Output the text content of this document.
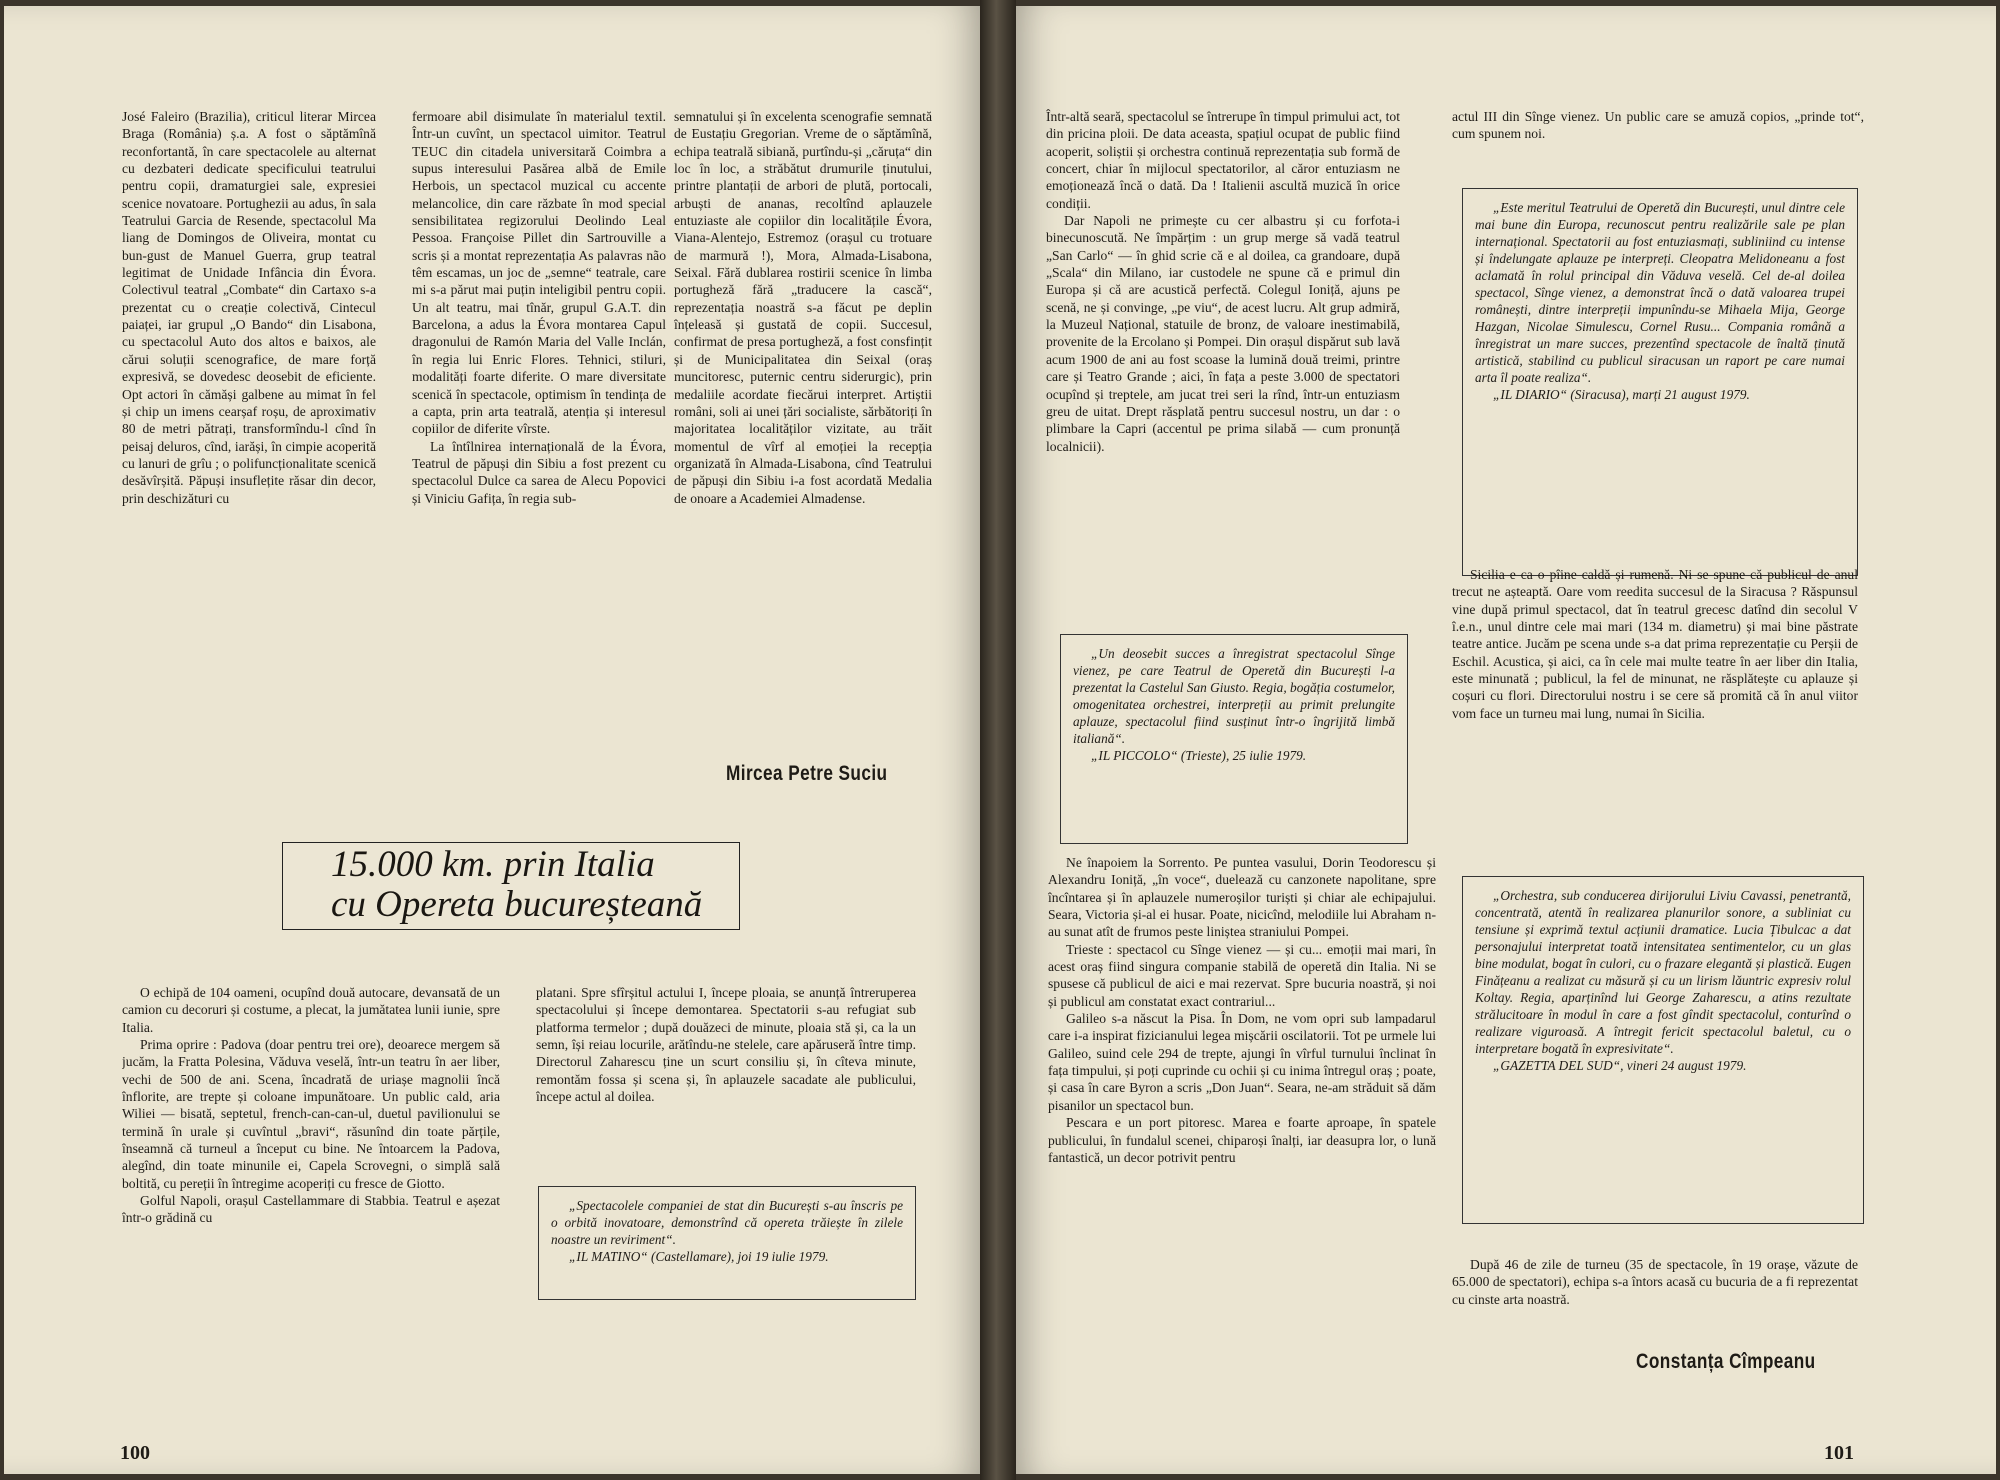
José Faleiro (Brazilia), criticul literar Mircea Braga (România) ș.a. A fost o săptămînă reconfortantă, în care spectacolele au alternat cu dezbateri dedicate specificului teatrului pentru copii, dramaturgiei sale, expresiei scenice novatoare. Portughezii au adus, în sala Teatrului Garcia de Resende, spectacolul Ma liang de Domingos de Oliveira, montat cu bun-gust de Manuel Guerra, grup teatral legitimat de Unidade Infância din Évora. Colectivul teatral „Combate“ din Cartaxo s-a prezentat cu o creație colectivă, Cintecul paiaței, iar grupul „O Bando“ din Lisabona, cu spectacolul Auto dos altos e baixos, ale cărui soluții scenografice, de mare forță expresivă, se dovedesc deosebit de eficiente. Opt actori în cămăși galbene au mimat în fel și chip un imens cearșaf roșu, de aproximativ 80 de metri pătrați, transformîndu-l cînd în peisaj deluros, cînd, iarăși, în cimpie acoperită cu lanuri de grîu ; o polifuncționalitate scenică desăvîrșită. Păpuși insuflețite răsar din decor, prin deschizături cu

fermoare abil disimulate în materialul textil. Într-un cuvînt, un spectacol uimitor. Teatrul TEUC din citadela universitară Coimbra a supus interesului Pasărea albă de Emile Herbois, un spectacol muzical cu accente melancolice, din care răzbate în mod special sensibilitatea regizorului Deolindo Leal Pessoa. Françoise Pillet din Sartrouville a scris și a montat reprezentația As palavras não têm escamas, un joc de „semne“ teatrale, care mi s-a părut mai puțin inteligibil pentru copii. Un alt teatru, mai tînăr, grupul G.A.T. din Barcelona, a adus la Évora montarea Capul dragonului de Ramón Maria del Valle Inclán, în regia lui Enric Flores. Tehnici, stiluri, modalități foarte diferite. O mare diversitate scenică în spectacole, optimism în tendința de a capta, prin arta teatrală, atenția și interesul copiilor de diferite vîrste.

La întîlnirea internațională de la Évora, Teatrul de păpuși din Sibiu a fost prezent cu spectacolul Dulce ca sarea de Alecu Popovici și Viniciu Gafița, în regia sub-

semnatului și în excelenta scenografie semnată de Eustațiu Gregorian. Vreme de o săptămînă, echipa teatrală sibiană, purtîndu-și „căruța“ din loc în loc, a străbătut drumurile ținutului, printre plantații de arbori de plută, portocali, arbuști de ananas, recoltînd aplauzele entuziaste ale copiilor din localitățile Évora, Viana-Alentejo, Estremoz (orașul cu trotuare de marmură !), Mora, Almada-Lisabona, Seixal. Fără dublarea rostirii scenice în limba portugheză fără „traducere la cască“, reprezentația noastră s-a făcut pe deplin înțeleasă și gustată de copii. Succesul, confirmat de presa portugheză, a fost consfințit și de Municipalitatea din Seixal (oraș muncitoresc, puternic centru siderurgic), prin medaliile acordate fiecărui interpret. Artiștii români, soli ai unei țări socialiste, sărbătoriți în majoritatea localităților vizitate, au trăit momentul de vîrf al emoției la recepția organizată în Almada-Lisabona, cînd Teatrului de păpuși din Sibiu i-a fost acordată Medalia de onoare a Academiei Almadense.

Mircea Petre Suciu
15.000 km. prin Italia
cu Opereta bucureșteană

O echipă de 104 oameni, ocupînd două autocare, devansată de un camion cu decoruri și costume, a plecat, la jumătatea lunii iunie, spre Italia.

Prima oprire : Padova (doar pentru trei ore), deoarece mergem să jucăm, la Fratta Polesina, Văduva veselă, într-un teatru în aer liber, vechi de 500 de ani. Scena, încadrată de uriașe magnolii încă înflorite, are trepte și coloane impunătoare. Un public cald, aria Wiliei — bisată, septetul, french-can-can-ul, duetul pavilionului se termină în urale și cuvîntul „bravi“, răsunînd din toate părțile, înseamnă că turneul a început cu bine. Ne întoarcem la Padova, alegînd, din toate minunile ei, Capela Scrovegni, o simplă sală boltită, cu pereții în întregime acoperiți cu fresce de Giotto.

Golful Napoli, orașul Castellammare di Stabbia. Teatrul e așezat într-o grădină cu

platani. Spre sfîrșitul actului I, începe ploaia, se anunță întreruperea spectacolului și începe demontarea. Spectatorii s-au refugiat sub platforma termelor ; după douăzeci de minute, ploaia stă și, ca la un semn, își reiau locurile, arătîndu-ne stelele, care apăruseră între timp. Directorul Zaharescu ține un scurt consiliu și, în cîteva minute, remontăm fossa și scena și, în aplauzele sacadate ale publicului, începe actul al doilea.

„Spectacolele companiei de stat din București s-au înscris pe o orbită inovatoare, demonstrînd că opereta trăiește în zilele noastre un reviriment“.

„IL MATINO“ (Castellamare), joi 19 iulie 1979.

100

Într-altă seară, spectacolul se întrerupe în timpul primului act, tot din pricina ploii. De data aceasta, spațiul ocupat de public fiind acoperit, soliștii și orchestra continuă reprezentația sub formă de concert, chiar în mijlocul spectatorilor, al căror entuziasm ne emoționează încă o dată. Da ! Italienii ascultă muzică în orice condiții.

Dar Napoli ne primește cu cer albastru și cu forfota-i binecunoscută. Ne împărțim : un grup merge să vadă teatrul „San Carlo“ — în ghid scrie că e al doilea, ca grandoare, după „Scala“ din Milano, iar custodele ne spune că e primul din Europa și că are acustică perfectă. Colegul Ioniță, ajuns pe scenă, ne și convinge, „pe viu“, de acest lucru. Alt grup admiră, la Muzeul Național, statuile de bronz, de valoare inestimabilă, provenite de la Ercolano și Pompei. Din orașul dispărut sub lavă acum 1900 de ani au fost scoase la lumină două treimi, printre care și Teatro Grande ; aici, în fața a peste 3.000 de spectatori ocupînd și treptele, am jucat trei seri la rînd, într-un entuziasm greu de uitat. Drept răsplată pentru succesul nostru, un dar : o plimbare la Capri (accentul pe prima silabă — cum pronunță localnicii).

„Un deosebit succes a înregistrat spectacolul Sînge vienez, pe care Teatrul de Operetă din București l-a prezentat la Castelul San Giusto. Regia, bogăția costumelor, omogenitatea orchestrei, interpreții au primit prelungite aplauze, spectacolul fiind susținut într-o îngrijită limbă italiană“.

„IL PICCOLO“ (Trieste), 25 iulie 1979.

actul III din Sînge vienez. Un public care se amuză copios, „prinde tot“, cum spunem noi.

„Este meritul Teatrului de Operetă din București, unul dintre cele mai bune din Europa, recunoscut pentru realizările sale pe plan internațional. Spectatorii au fost entuziasmați, subliniind cu intense și îndelungate aplauze pe interpreți. Cleopatra Melidoneanu a fost aclamată în rolul principal din Văduva veselă. Cel de-al doilea spectacol, Sînge vienez, a demonstrat încă o dată valoarea trupei românești, dintre interpreții impunîndu-se Mihaela Mija, George Hazgan, Nicolae Simulescu, Cornel Rusu... Compania română a înregistrat un mare succes, prezentînd spectacole de înaltă ținută artistică, stabilind cu publicul siracusan un raport pe care numai arta îl poate realiza“.

„IL DIARIO“ (Siracusa), marți 21 august 1979.

Sicilia e ca o pîine caldă și rumenă. Ni se spune că publicul de anul trecut ne așteaptă. Oare vom reedita succesul de la Siracusa ? Răspunsul vine după primul spectacol, dat în teatrul grecesc datînd din secolul V î.e.n., unul dintre cele mai mari (134 m. diametru) și mai bine păstrate teatre antice. Jucăm pe scena unde s-a dat prima reprezentație cu Perșii de Eschil. Acustica, și aici, ca în cele mai multe teatre în aer liber din Italia, este minunată ; publicul, la fel de minunat, ne răsplătește cu aplauze și coșuri cu flori. Directorului nostru i se cere să promită că în anul viitor vom face un turneu mai lung, numai în Sicilia.

Ne înapoiem la Sorrento. Pe puntea vasului, Dorin Teodorescu și Alexandru Ioniță, „în voce“, duelează cu canzonete napolitane, spre încîntarea și în aplauzele numeroșilor turiști și chiar ale echipajului. Seara, Victoria și-al ei husar. Poate, nicicînd, melodiile lui Abraham n-au sunat atît de frumos peste liniștea straniului Pompei.

Trieste : spectacol cu Sînge vienez — și cu... emoții mai mari, în acest oraș fiind singura companie stabilă de operetă din Italia. Ni se spusese că publicul de aici e mai rezervat. Spre bucuria noastră, și noi și publicul am constatat exact contrariul...

Galileo s-a născut la Pisa. În Dom, ne vom opri sub lampadarul care i-a inspirat fizicianului legea mișcării oscilatorii. Tot pe urmele lui Galileo, suind cele 294 de trepte, ajungi în vîrful turnului înclinat în fața timpului, și poți cuprinde cu ochii și cu inima întregul oraș ; poate, și casa în care Byron a scris „Don Juan“. Seara, ne-am străduit să dăm pisanilor un spectacol bun.

Pescara e un port pitoresc. Marea e foarte aproape, în spatele publicului, în fundalul scenei, chiparoși înalți, iar deasupra lor, o lună fantastică, un decor potrivit pentru

„Orchestra, sub conducerea dirijorului Liviu Cavassi, penetrantă, concentrată, atentă în realizarea planurilor sonore, a subliniat cu tensiune și exprimă textul acțiunii dramatice. Lucia Țibulcac a dat personajului interpretat toată intensitatea sentimentelor, cu un glas bine modulat, bogat în culori, cu o frazare elegantă și plastică. Eugen Finățeanu a realizat cu măsură și cu un lirism lăuntric expresiv rolul Koltay. Regia, aparținînd lui George Zaharescu, a atins rezultate strălucitoare în modul în care a fost gîndit spectacolul, conturînd o realizare viguroasă. A întregit fericit spectacolul baletul, cu o interpretare bogată în expresivitate“.

„GAZETTA DEL SUD“, vineri 24 august 1979.

După 46 de zile de turneu (35 de spectacole, în 19 orașe, văzute de 65.000 de spectatori), echipa s-a întors acasă cu bucuria de a fi reprezentat cu cinste arta noastră.

Constanța Cîmpeanu
101
